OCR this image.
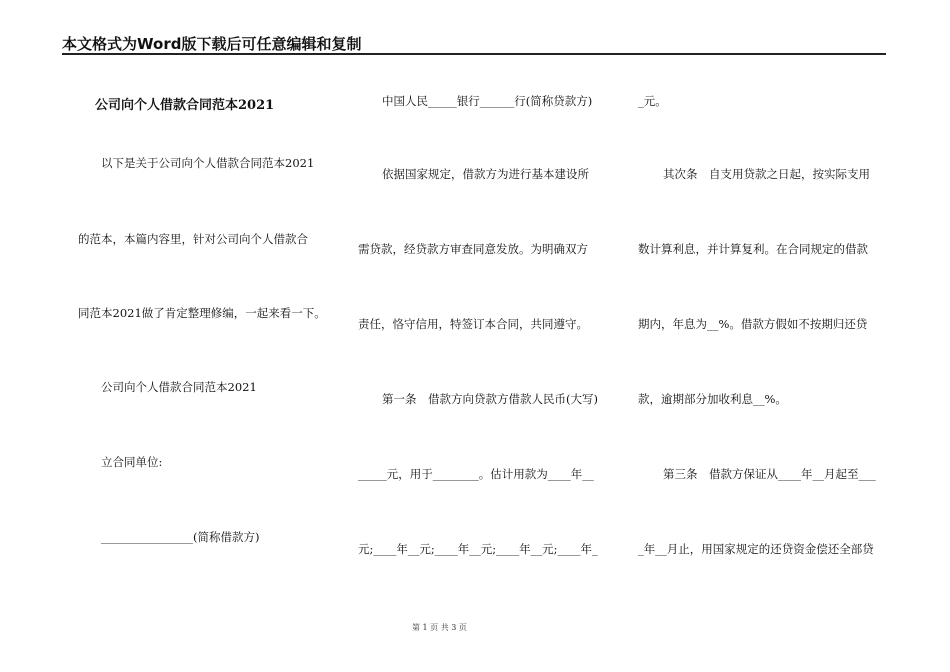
本文格式为Word版下载后可任意编辑和复制
公司向个人借款合同范本2021
以下是关于公司向个人借款合同范本2021
的范本，本篇内容里，针对公司向个人借款合
同范本2021做了肯定整理修编，一起来看一下。
公司向个人借款合同范本2021
立合同单位:
________________(简称借款方)
中国人民_____银行______行(简称贷款方)
依据国家规定，借款方为进行基本建设所
需贷款，经贷款方审查同意发放。为明确双方
责任，恪守信用，特签订本合同，共同遵守。
第一条　借款方向贷款方借款人民币(大写)
_____元，用于________。估计用款为____年__
元;____年__元;____年__元;____年__元;____年_
_元。
其次条　自支用贷款之日起，按实际支用
数计算利息，并计算复利。在合同规定的借款
期内，年息为__%。借款方假如不按期归还贷
款，逾期部分加收利息__%。
第三条　借款方保证从____年__月起至___
_年__月止，用国家规定的还贷资金偿还全部贷
第 1 页 共 3 页
